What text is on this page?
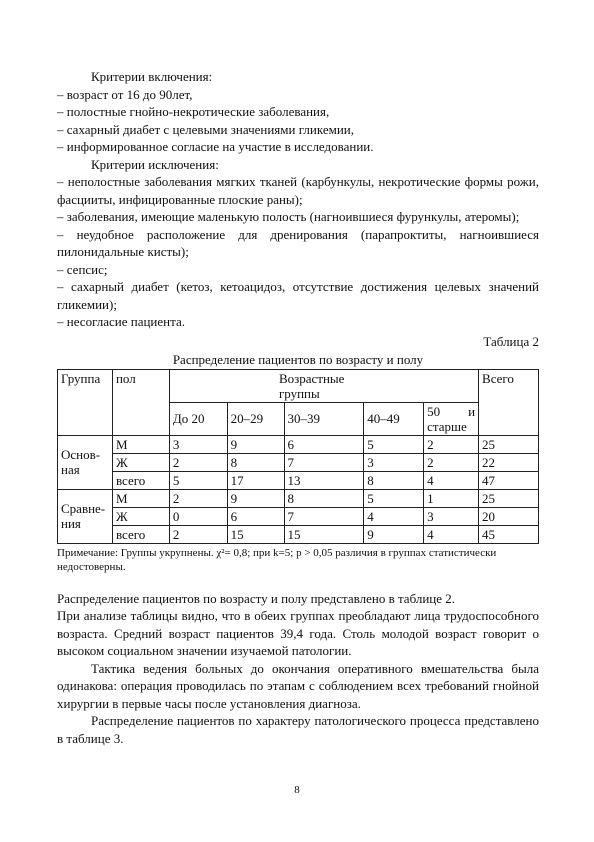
Критерии включения:

– возраст от 16 до 90лет,

– полостные гнойно-некротические заболевания,

– сахарный диабет с целевыми значениями гликемии,

– информированное согласие на участие в исследовании.

Критерии исключения:

– неполостные заболевания мягких тканей (карбункулы, некротические формы рожи, фасцииты, инфицированные плоские раны);

– заболевания, имеющие маленькую полость (нагноившиеся фурункулы, атеромы);

– неудобное расположение для дренирования (парапроктиты, нагноившиеся пилонидальные кисты);

– сепсис;

– сахарный диабет (кетоз, кетоацидоз, отсутствие достижения целевых значений гликемии);

– несогласие пациента.

Таблица 2

Распределение пациентов по возрасту и полу

Группа	пол	Возрастные группы					Всего
		До 20	20–29	30–39	40–49	50 и старше	
Основ-ная	М	3	9	6	5	2	25
	Ж	2	8	7	3	2	22
	всего	5	17	13	8	4	47
Сравне-ния	М	2	9	8	5	1	25
	Ж	0	6	7	4	3	20
	всего	2	15	15	9	4	45

Примечание: Группы укрупнены. χ²= 0,8; при k=5; p > 0,05 различия в группах статистически недостоверны.

Распределение пациентов по возрасту и полу представлено в таблице 2.

При анализе таблицы видно, что в обеих группах преобладают лица трудоспособного возраста. Средний возраст пациентов 39,4 года. Столь молодой возраст говорит о высоком социальном значении изучаемой патологии.

Тактика ведения больных до окончания оперативного вмешательства была одинакова: операция проводилась по этапам с соблюдением всех требований гнойной хирургии в первые часы после установления диагноза.

Распределение пациентов по характеру патологического процесса представлено в таблице 3.

8
